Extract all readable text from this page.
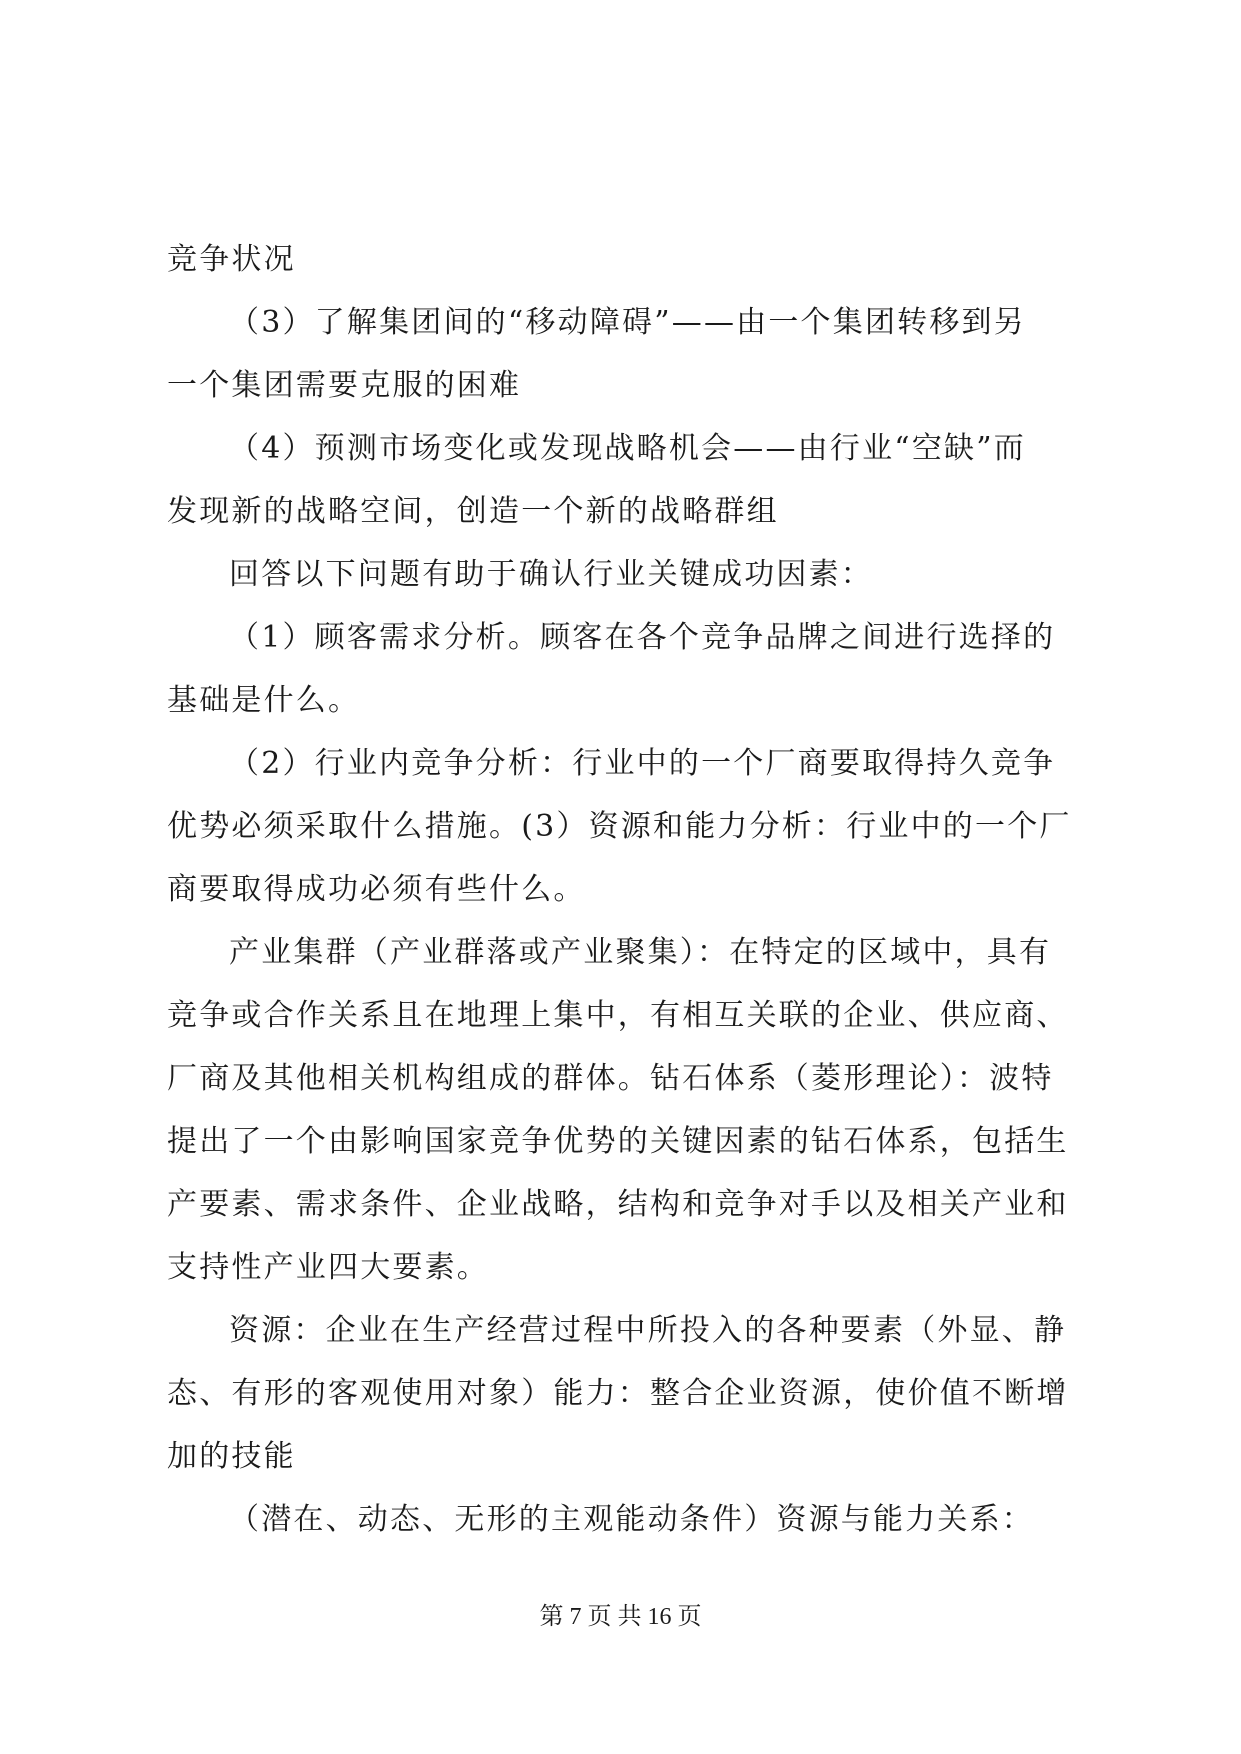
竞争状况
（3）了解集团间的“移动障碍”——由一个集团转移到另
一个集团需要克服的困难
（4）预测市场变化或发现战略机会——由行业“空缺”而
发现新的战略空间，创造一个新的战略群组
回答以下问题有助于确认行业关键成功因素：
（1）顾客需求分析。顾客在各个竞争品牌之间进行选择的
基础是什么。
（2）行业内竞争分析：行业中的一个厂商要取得持久竞争
优势必须采取什么措施。(3）资源和能力分析：行业中的一个厂
商要取得成功必须有些什么。
产业集群（产业群落或产业聚集）：在特定的区域中，具有
竞争或合作关系且在地理上集中，有相互关联的企业、供应商、
厂商及其他相关机构组成的群体。钻石体系（菱形理论）：波特
提出了一个由影响国家竞争优势的关键因素的钻石体系，包括生
产要素、需求条件、企业战略，结构和竞争对手以及相关产业和
支持性产业四大要素。
资源：企业在生产经营过程中所投入的各种要素（外显、静
态、有形的客观使用对象）能力：整合企业资源，使价值不断增
加的技能
（潜在、动态、无形的主观能动条件）资源与能力关系：
第 7 页 共 16 页
